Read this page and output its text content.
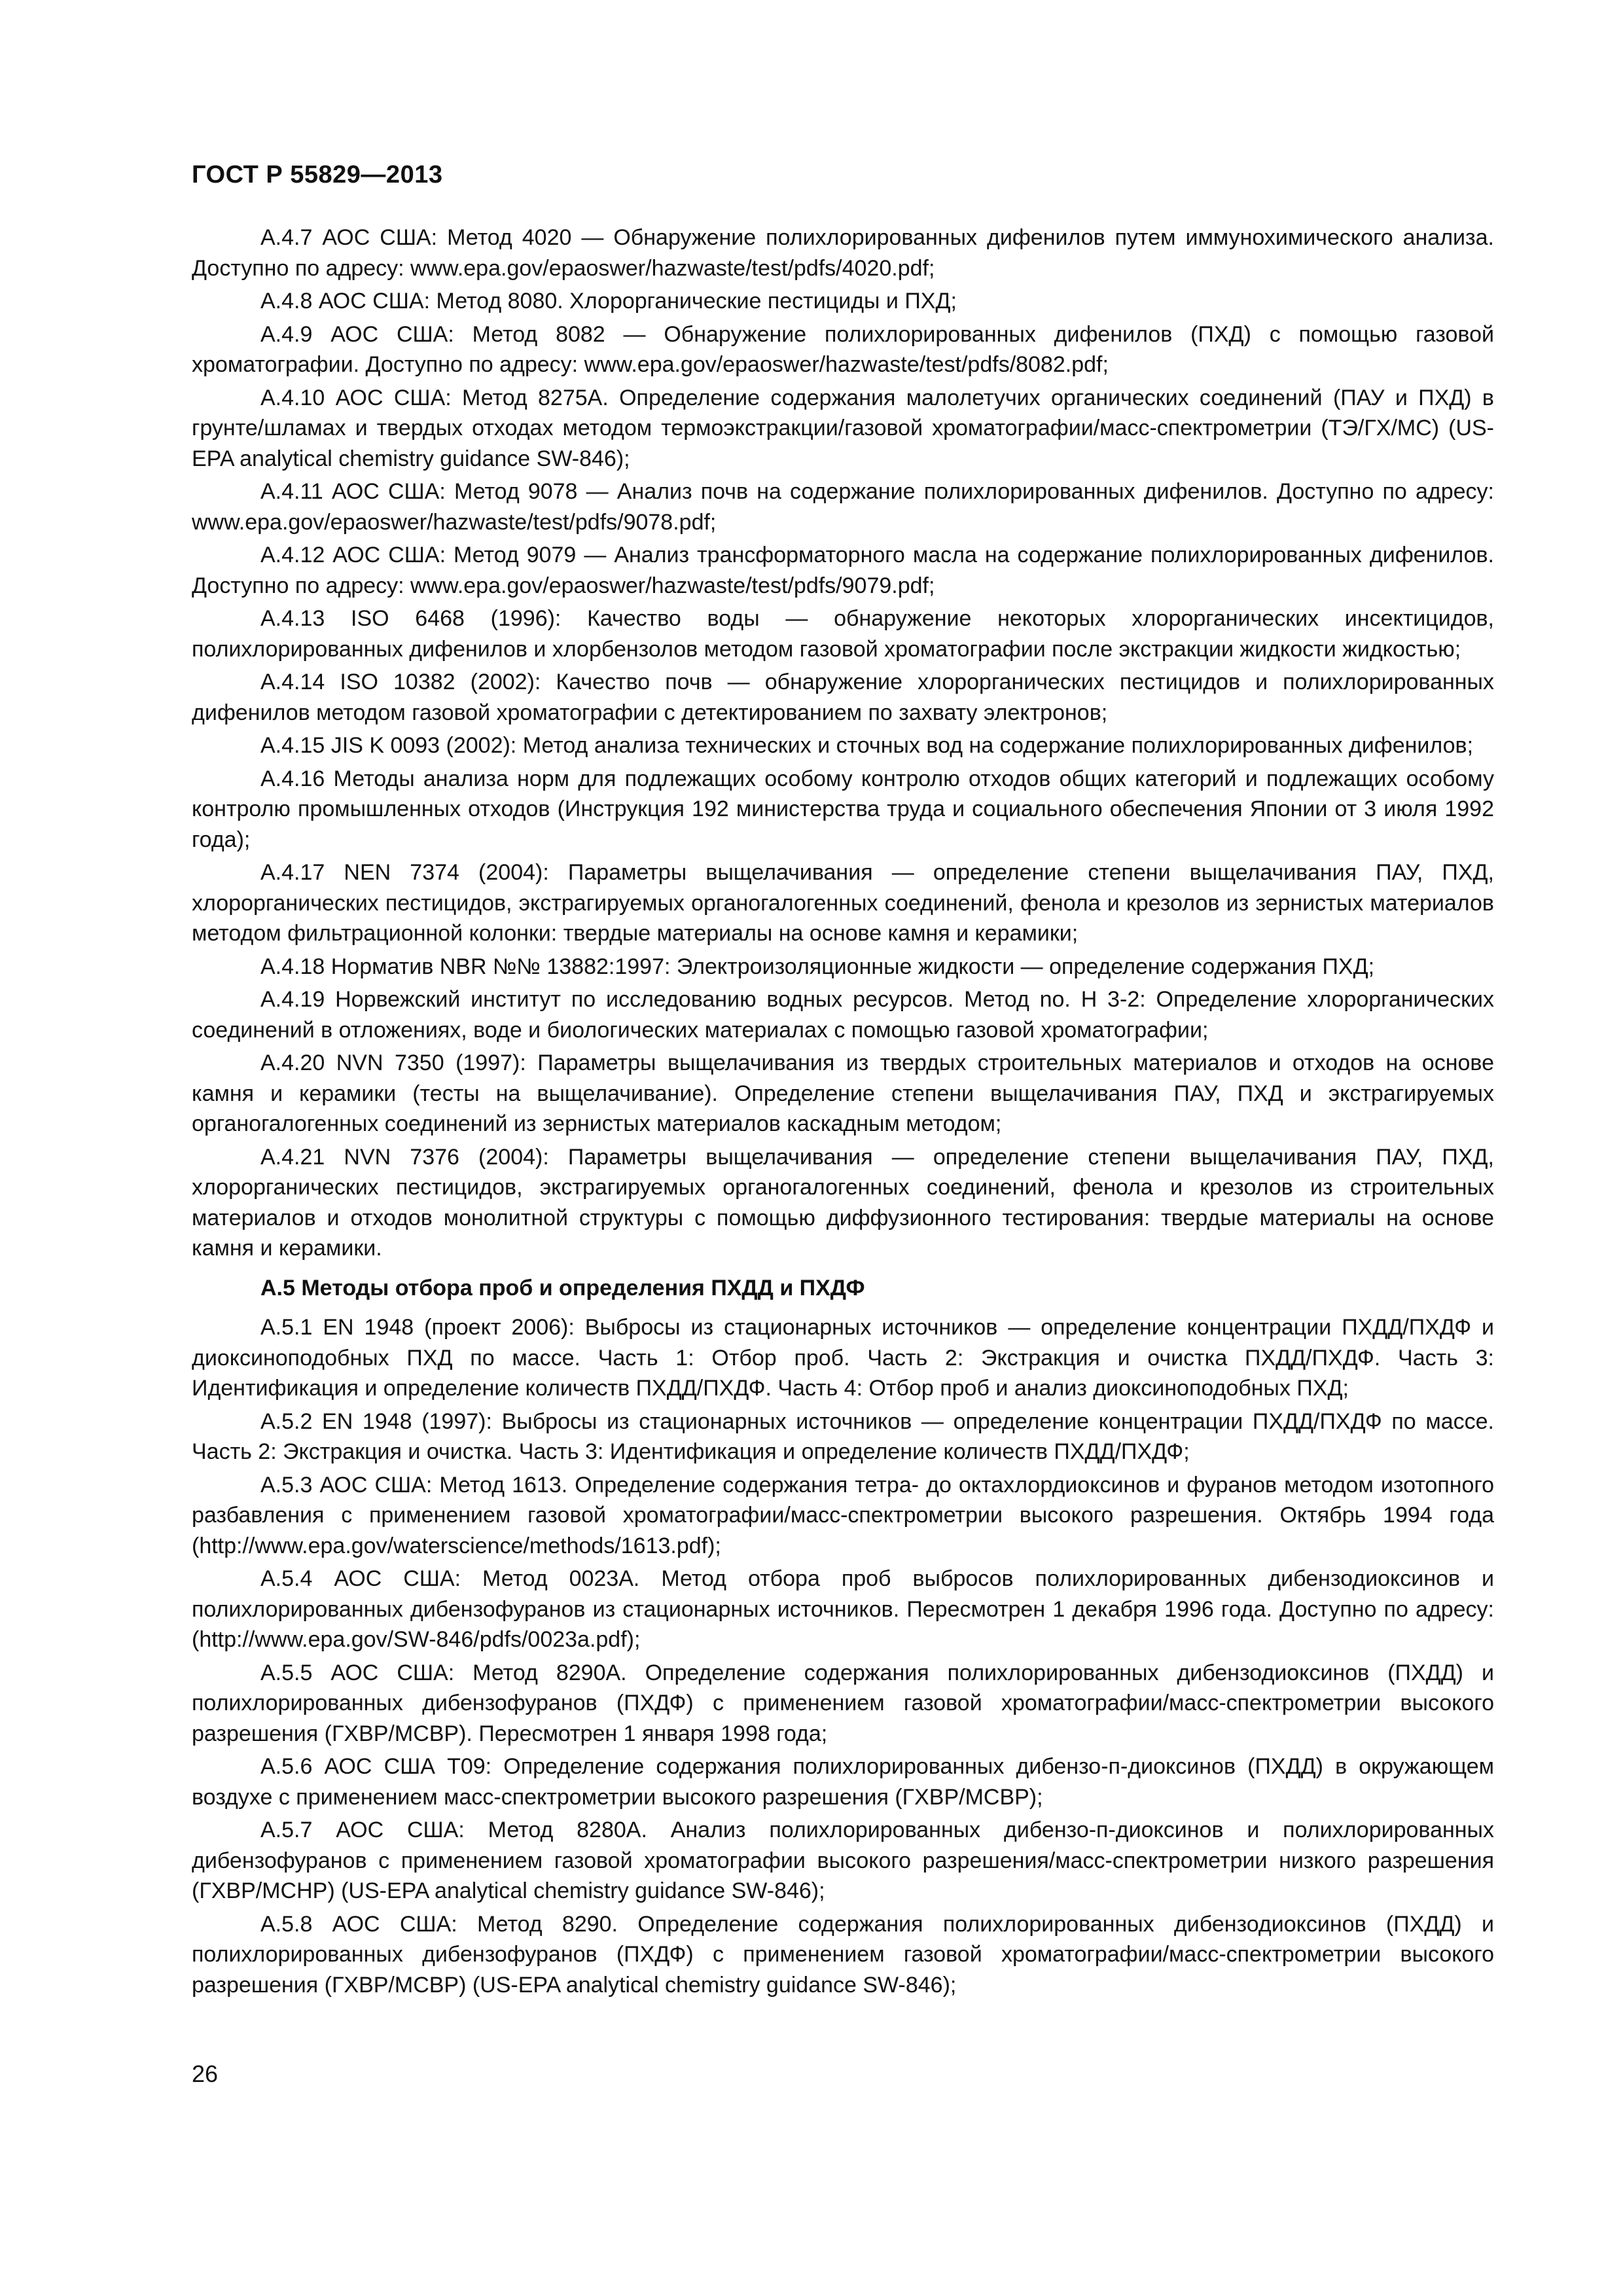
ГОСТ Р 55829—2013

А.4.7 АОС США: Метод 4020 — Обнаружение полихлорированных дифенилов путем иммунохимического анализа. Доступно по адресу: www.epa.gov/epaoswer/hazwaste/test/pdfs/4020.pdf;

А.4.8 АОС США: Метод 8080. Хлорорганические пестициды и ПХД;

А.4.9 АОС США: Метод 8082 — Обнаружение полихлорированных дифенилов (ПХД) с помощью газовой хроматографии. Доступно по адресу: www.epa.gov/epaoswer/hazwaste/test/pdfs/8082.pdf;

А.4.10 АОС США: Метод 8275А. Определение содержания малолетучих органических соединений (ПАУ и ПХД) в грунте/шламах и твердых отходах методом термоэкстракции/газовой хроматографии/масс-спектрометрии (ТЭ/ГХ/МС) (US-EPA analytical chemistry guidance SW-846);

А.4.11 АОС США: Метод 9078 — Анализ почв на содержание полихлорированных дифенилов. Доступно по адресу: www.epa.gov/epaoswer/hazwaste/test/pdfs/9078.pdf;

А.4.12 АОС США: Метод 9079 — Анализ трансформаторного масла на содержание полихлорированных дифенилов. Доступно по адресу: www.epa.gov/epaoswer/hazwaste/test/pdfs/9079.pdf;

А.4.13 ISO 6468 (1996): Качество воды — обнаружение некоторых хлорорганических инсектицидов, полихлорированных дифенилов и хлорбензолов методом газовой хроматографии после экстракции жидкости жидкостью;

А.4.14 ISO 10382 (2002): Качество почв — обнаружение хлорорганических пестицидов и полихлорированных дифенилов методом газовой хроматографии с детектированием по захвату электронов;

А.4.15 JIS K 0093 (2002): Метод анализа технических и сточных вод на содержание полихлорированных дифенилов;

А.4.16 Методы анализа норм для подлежащих особому контролю отходов общих категорий и подлежащих особому контролю промышленных отходов (Инструкция 192 министерства труда и социального обеспечения Японии от 3 июля 1992 года);

А.4.17 NEN 7374 (2004): Параметры выщелачивания — определение степени выщелачивания ПАУ, ПХД, хлорорганических пестицидов, экстрагируемых органогалогенных соединений, фенола и крезолов из зернистых материалов методом фильтрационной колонки: твердые материалы на основе камня и керамики;

А.4.18 Норматив NBR №№ 13882:1997: Электроизоляционные жидкости — определение содержания ПХД;

А.4.19 Норвежский институт по исследованию водных ресурсов. Метод no. Н 3-2: Определение хлорорганических соединений в отложениях, воде и биологических материалах с помощью газовой хроматографии;

А.4.20 NVN 7350 (1997): Параметры выщелачивания из твердых строительных материалов и отходов на основе камня и керамики (тесты на выщелачивание). Определение степени выщелачивания ПАУ, ПХД и экстрагируемых органогалогенных соединений из зернистых материалов каскадным методом;

А.4.21 NVN 7376 (2004): Параметры выщелачивания — определение степени выщелачивания ПАУ, ПХД, хлорорганических пестицидов, экстрагируемых органогалогенных соединений, фенола и крезолов из строительных материалов и отходов монолитной структуры с помощью диффузионного тестирования: твердые материалы на основе камня и керамики.

А.5 Методы отбора проб и определения ПХДД и ПХДФ

А.5.1 EN 1948 (проект 2006): Выбросы из стационарных источников — определение концентрации ПХДД/ПХДФ и диоксиноподобных ПХД по массе. Часть 1: Отбор проб. Часть 2: Экстракция и очистка ПХДД/ПХДФ. Часть 3: Идентификация и определение количеств ПХДД/ПХДФ. Часть 4: Отбор проб и анализ диоксиноподобных ПХД;

А.5.2 EN 1948 (1997): Выбросы из стационарных источников — определение концентрации ПХДД/ПХДФ по массе. Часть 2: Экстракция и очистка. Часть 3: Идентификация и определение количеств ПХДД/ПХДФ;

А.5.3 АОС США: Метод 1613. Определение содержания тетра- до октахлордиоксинов и фуранов методом изотопного разбавления с применением газовой хроматографии/масс-спектрометрии высокого разрешения. Октябрь 1994 года (http://www.epa.gov/waterscience/methods/1613.pdf);

А.5.4 АОС США: Метод 0023А. Метод отбора проб выбросов полихлорированных дибензодиоксинов и полихлорированных дибензофуранов из стационарных источников. Пересмотрен 1 декабря 1996 года. Доступно по адресу: (http://www.epa.gov/SW-846/pdfs/0023a.pdf);

А.5.5 АОС США: Метод 8290А. Определение содержания полихлорированных дибензодиоксинов (ПХДД) и полихлорированных дибензофуранов (ПХДФ) с применением газовой хроматографии/масс-спектрометрии высокого разрешения (ГХВР/МСВР). Пересмотрен 1 января 1998 года;

А.5.6 АОС США Т09: Определение содержания полихлорированных дибензо-п-диоксинов (ПХДД) в окружающем воздухе с применением масс-спектрометрии высокого разрешения (ГХВР/МСВР);

А.5.7 АОС США: Метод 8280А. Анализ полихлорированных дибензо-п-диоксинов и полихлорированных дибензофуранов с применением газовой хроматографии высокого разрешения/масс-спектрометрии низкого разрешения (ГХВР/МСНР) (US-EPA analytical chemistry guidance SW-846);

А.5.8 АОС США: Метод 8290. Определение содержания полихлорированных дибензодиоксинов (ПХДД) и полихлорированных дибензофуранов (ПХДФ) с применением газовой хроматографии/масс-спектрометрии высокого разрешения (ГХВР/МСВР) (US-EPA analytical chemistry guidance SW-846);

26
